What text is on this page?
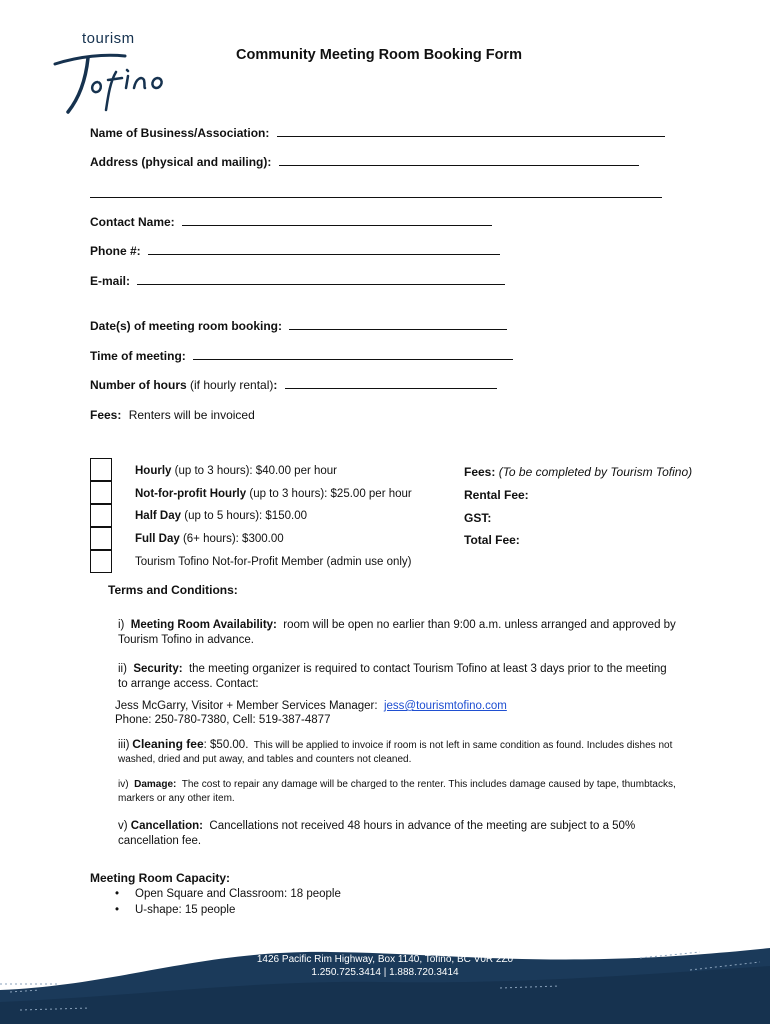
tourism
Tofino
Community Meeting Room Booking Form
Name of Business/Association:
Address (physical and mailing):
Contact Name:
Phone #:
E-mail:
Date(s) of meeting room booking:
Time of meeting:
Number of hours (if hourly rental):
Fees: Renters will be invoiced
Hourly (up to 3 hours): $40.00 per hour
Not-for-profit Hourly (up to 3 hours): $25.00 per hour
Half Day (up to 5 hours): $150.00
Full Day (6+ hours): $300.00
Tourism Tofino Not-for-Profit Member (admin use only)
Fees: (To be completed by Tourism Tofino)
Rental Fee:
GST:
Total Fee:
Terms and Conditions:
i) Meeting Room Availability: room will be open no earlier than 9:00 a.m. unless arranged and approved by Tourism Tofino in advance.
ii) Security: the meeting organizer is required to contact Tourism Tofino at least 3 days prior to the meeting to arrange access. Contact:
Jess McGarry, Visitor + Member Services Manager: jess@tourismtofino.com
Phone: 250-780-7380, Cell: 519-387-4877
iii) Cleaning fee: $50.00. This will be applied to invoice if room is not left in same condition as found. Includes dishes not washed, dried and put away, and tables and counters not cleaned.
iv) Damage: The cost to repair any damage will be charged to the renter. This includes damage caused by tape, thumbtacks, markers or any other item.
v) Cancellation: Cancellations not received 48 hours in advance of the meeting are subject to a 50% cancellation fee.
Meeting Room Capacity:
• Open Square and Classroom: 18 people
• U-shape: 15 people
1426 Pacific Rim Highway, Box 1140, Tofino, BC V0R 2Z0
1.250.725.3414 | 1.888.720.3414
